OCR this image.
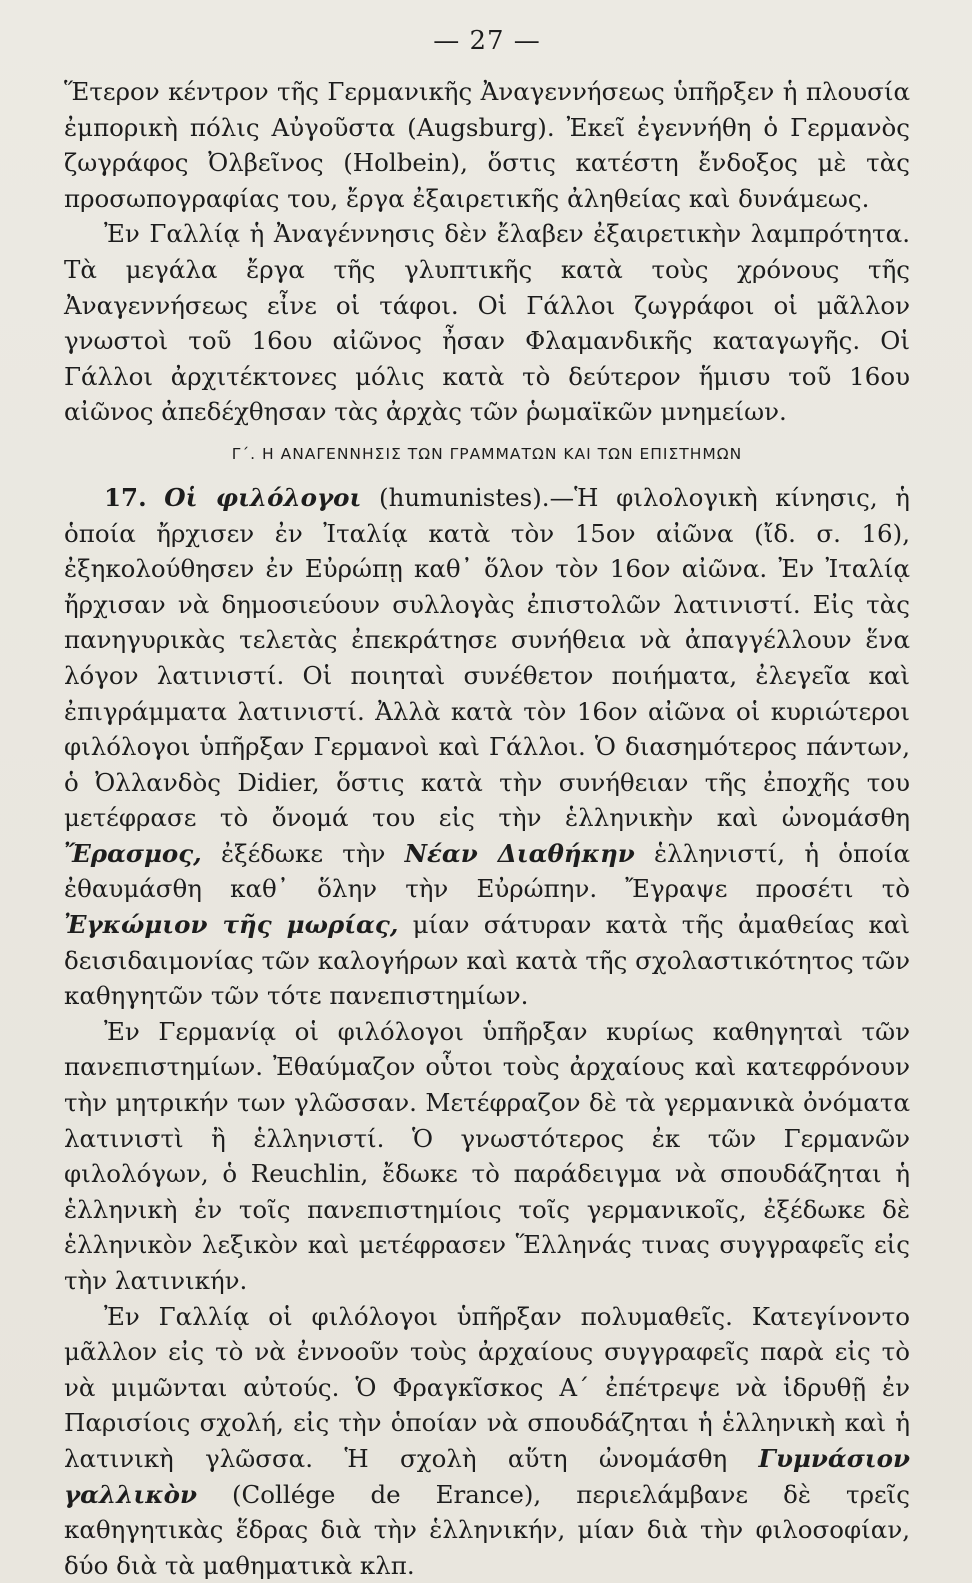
— 27 —

Ἕτερον κέντρον τῆς Γερμανικῆς Ἀναγεννήσεως ὑπῆρξεν ἡ πλουσία ἐμπορικὴ πόλις Αὐγοῦστα (Augsburg). Ἐκεῖ ἐγεννήθη ὁ Γερμανὸς ζωγράφος Ὀλβεῖνος (Holbein), ὅστις κατέστη ἔνδοξος μὲ τὰς προσωπογραφίας του, ἔργα ἐξαιρετικῆς ἀληθείας καὶ δυνάμεως.

Ἐν Γαλλίᾳ ἡ Ἀναγέννησις δὲν ἔλαβεν ἐξαιρετικὴν λαμπρότητα. Τὰ μεγάλα ἔργα τῆς γλυπτικῆς κατὰ τοὺς χρόνους τῆς Ἀναγεννήσεως εἶνε οἱ τάφοι. Οἱ Γάλλοι ζωγράφοι οἱ μᾶλλον γνωστοὶ τοῦ 16ου αἰῶνος ἦσαν Φλαμανδικῆς καταγωγῆς. Οἱ Γάλλοι ἀρχιτέκτονες μόλις κατὰ τὸ δεύτερον ἥμισυ τοῦ 16ου αἰῶνος ἀπεδέχθησαν τὰς ἀρχὰς τῶν ῥωμαϊκῶν μνημείων.

Γ΄. Η ΑΝΑΓΕΝΝΗΣΙΣ ΤΩΝ ΓΡΑΜΜΑΤΩΝ ΚΑΙ ΤΩΝ ΕΠΙΣΤΗΜΩΝ

17. Οἱ φιλόλογοι (humunistes).—Ἡ φιλολογικὴ κίνησις, ἡ ὁποία ἤρχισεν ἐν Ἰταλίᾳ κατὰ τὸν 15ον αἰῶνα (ἴδ. σ. 16), ἐξηκολούθησεν ἐν Εὐρώπῃ καθ᾽ ὅλον τὸν 16ον αἰῶνα. Ἐν Ἰταλίᾳ ἤρχισαν νὰ δημοσιεύουν συλλογὰς ἐπιστολῶν λατινιστί. Εἰς τὰς πανηγυρικὰς τελετὰς ἐπεκράτησε συνήθεια νὰ ἀπαγγέλλουν ἕνα λόγον λατινιστί. Οἱ ποιηταὶ συνέθετον ποιήματα, ἐλεγεῖα καὶ ἐπιγράμματα λατινιστί. Ἀλλὰ κατὰ τὸν 16ον αἰῶνα οἱ κυριώτεροι φιλόλογοι ὑπῆρξαν Γερμανοὶ καὶ Γάλλοι. Ὁ διασημότερος πάντων, ὁ Ὀλλανδὸς Didier, ὅστις κατὰ τὴν συνήθειαν τῆς ἐποχῆς του μετέφρασε τὸ ὄνομά του εἰς τὴν ἑλληνικὴν καὶ ὠνομάσθη Ἔρασμος, ἐξέδωκε τὴν Νέαν Διαθήκην ἑλληνιστί, ἡ ὁποία ἐθαυμάσθη καθ᾽ ὅλην τὴν Εὐρώπην. Ἔγραψε προσέτι τὸ Ἐγκώμιον τῆς μωρίας, μίαν σάτυραν κατὰ τῆς ἀμαθείας καὶ δεισιδαιμονίας τῶν καλογήρων καὶ κατὰ τῆς σχολαστικότητος τῶν καθηγητῶν τῶν τότε πανεπιστημίων.

Ἐν Γερμανίᾳ οἱ φιλόλογοι ὑπῆρξαν κυρίως καθηγηταὶ τῶν πανεπιστημίων. Ἐθαύμαζον οὗτοι τοὺς ἀρχαίους καὶ κατεφρόνουν τὴν μητρικήν των γλῶσσαν. Μετέφραζον δὲ τὰ γερμανικὰ ὀνόματα λατινιστὶ ἢ ἑλληνιστί. Ὁ γνωστότερος ἐκ τῶν Γερμανῶν φιλολόγων, ὁ Reuchlin, ἔδωκε τὸ παράδειγμα νὰ σπουδάζηται ἡ ἑλληνικὴ ἐν τοῖς πανεπιστημίοις τοῖς γερμανικοῖς, ἐξέδωκε δὲ ἑλληνικὸν λεξικὸν καὶ μετέφρασεν Ἕλληνάς τινας συγγραφεῖς εἰς τὴν λατινικήν.

Ἐν Γαλλίᾳ οἱ φιλόλογοι ὑπῆρξαν πολυμαθεῖς. Κατεγίνοντο μᾶλλον εἰς τὸ νὰ ἐννοοῦν τοὺς ἀρχαίους συγγραφεῖς παρὰ εἰς τὸ νὰ μιμῶνται αὐτούς. Ὁ Φραγκῖσκος Α΄ ἐπέτρεψε νὰ ἱδρυθῇ ἐν Παρισίοις σχολή, εἰς τὴν ὁποίαν νὰ σπουδάζηται ἡ ἑλληνικὴ καὶ ἡ λατινικὴ γλῶσσα. Ἡ σχολὴ αὕτη ὠνομάσθη Γυμνάσιον γαλλικὸν (Collége de Erance), περιελάμβανε δὲ τρεῖς καθηγητικὰς ἕδρας διὰ τὴν ἑλληνικήν, μίαν διὰ τὴν φιλοσοφίαν, δύο διὰ τὰ μαθηματικὰ κλπ.
